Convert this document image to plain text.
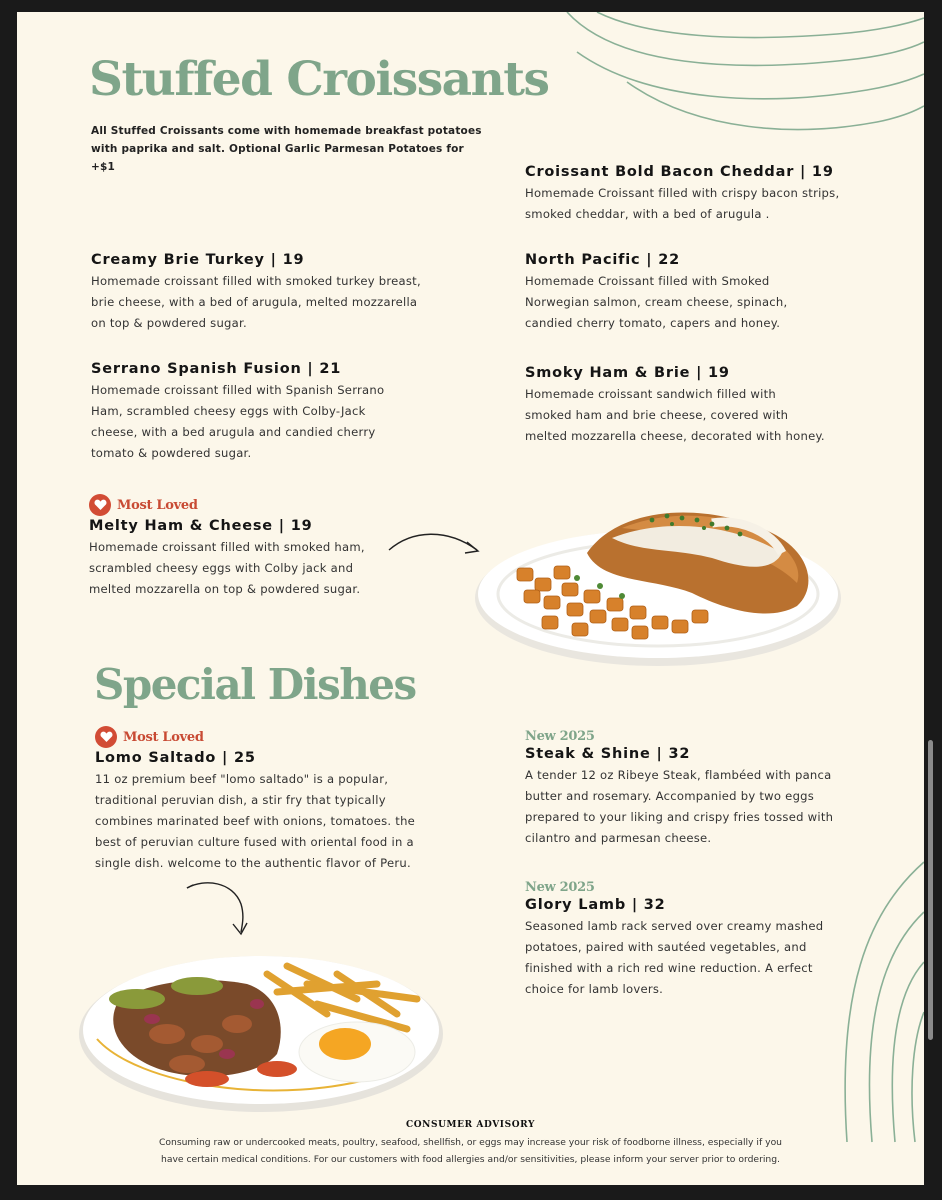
Stuffed Croissants
All Stuffed Croissants come with homemade breakfast potatoes with paprika and salt. Optional Garlic Parmesan Potatoes for +$1	Croissant Bold Bacon Cheddar | 19

Homemade Croissant filled with crispy bacon strips, smoked cheddar, with a bed of arugula .

Creamy Brie Turkey | 19

Homemade croissant filled with smoked turkey breast, brie cheese, with a bed of arugula, melted mozzarella on top & powdered sugar.

North Pacific | 22

Homemade Croissant filled with Smoked Norwegian salmon, cream cheese, spinach, candied cherry tomato, capers and honey.

Serrano Spanish Fusion | 21

Homemade croissant filled with Spanish Serrano Ham, scrambled cheesy eggs with Colby-Jack cheese, with a bed arugula and candied cherry tomato & powdered sugar.

Smoky Ham & Brie | 19

Homemade croissant sandwich filled with smoked ham and brie cheese, covered with melted mozzarella cheese, decorated with honey.

Most Loved

Melty Ham & Cheese | 19

Homemade croissant filled with smoked ham, scrambled cheesy eggs with Colby jack and melted mozzarella on top & powdered sugar.

Special Dishes
Most Loved

Lomo Saltado | 25

11 oz premium beef "lomo saltado" is a popular, traditional peruvian dish, a stir fry that typically combines marinated beef with onions, tomatoes. the best of peruvian culture fused with oriental food in a single dish. welcome to the authentic flavor of Peru.

New 2025

Steak & Shine | 32

A tender 12 oz Ribeye Steak, flambéed with panca butter and rosemary. Accompanied by two eggs prepared to your liking and crispy fries tossed with cilantro and parmesan cheese.

New 2025

Glory Lamb | 32

Seasoned lamb rack served over creamy mashed potatoes, paired with sautéed vegetables, and finished with a rich red wine reduction. A erfect choice for lamb lovers.

CONSUMER ADVISORY
Consuming raw or undercooked meats, poultry, seafood, shellfish, or eggs may increase your risk of foodborne illness, especially if you
have certain medical conditions. For our customers with food allergies and/or sensitivities, please inform your server prior to ordering.
